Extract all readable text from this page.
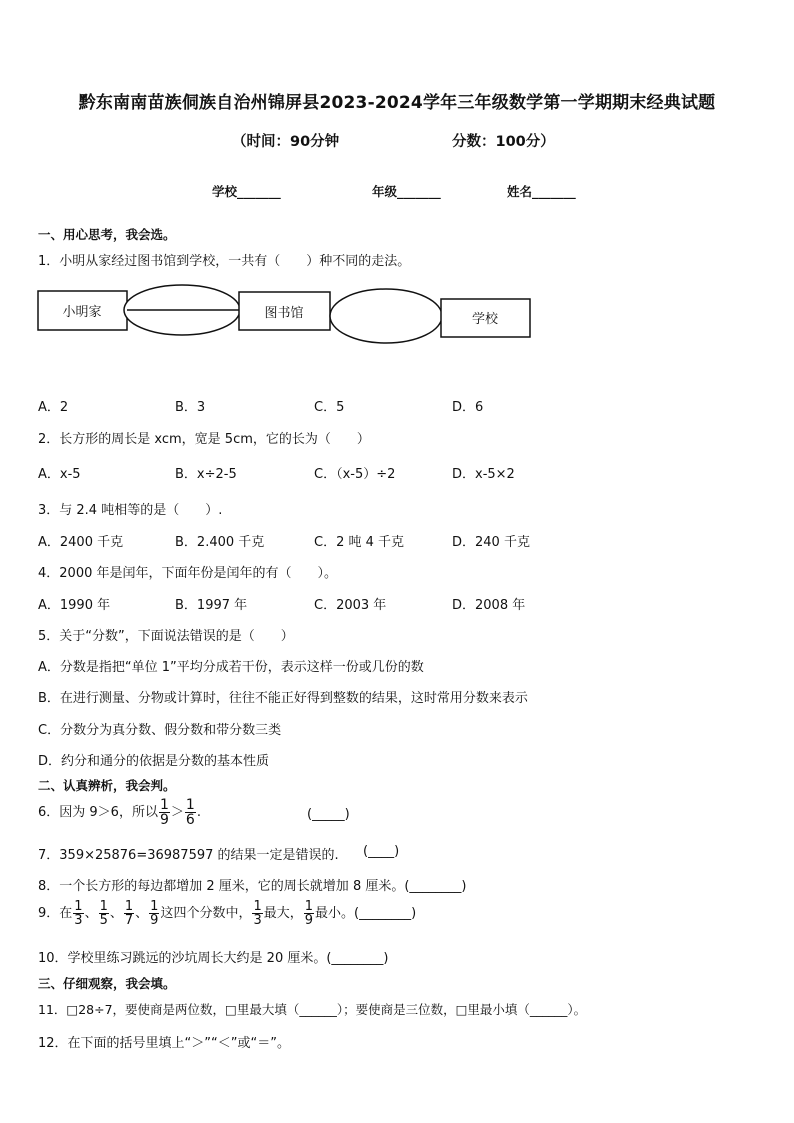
黔东南南苗族侗族自治州锦屏县2023-2024学年三年级数学第一学期期末经典试题
（时间：90分钟	分数：100分）
学校_______	年级_______	姓名_______
一、用心思考，我会选。
1．小明从家经过图书馆到学校，一共有（　　）种不同的走法。
小明家	图书馆	学校
A．2	B．3	C．5	D．6
2．长方形的周长是 xcm，宽是 5cm，它的长为（　　）
A．x-5	B．x÷2-5	C．（x-5）÷2	D．x-5×2
3．与 2.4 吨相等的是（　　）.
A．2400 千克	B．2.400 千克	C．2 吨 4 千克	D．240 千克
4．2000 年是闰年，下面年份是闰年的有（　　）。
A．1990 年	B．1997 年	C．2003 年	D．2008 年
5．关于“分数”，下面说法错误的是（　　）
A．分数是指把“单位 1”平均分成若干份，表示这样一份或几份的数
B．在进行测量、分物或计算时，往往不能正好得到整数的结果，这时常用分数来表示
C．分数分为真分数、假分数和带分数三类
D．约分和通分的依据是分数的基本性质
二、认真辨析，我会判。
6．因为 9＞6，所以 $\frac{1}{9} > \frac{1}{6}$ .	(_____)
7．359×25876=36987597 的结果一定是错误的. (____)
8．一个长方形的每边都增加 2 厘米，它的周长就增加 8 厘米。(________)
9．在 $\frac{1}{3}$ 、 $\frac{1}{5}$ 、 $\frac{1}{7}$ 、 $\frac{1}{9}$ 这四个分数中， $\frac{1}{3}$ 最大， $\frac{1}{9}$ 最小。(________)
10．学校里练习跳远的沙坑周长大约是 20 厘米。(________)
三、仔细观察，我会填。
11．□28÷7，要使商是两位数，□里最大填（______）；要使商是三位数，□里最小填（______）。
12．在下面的括号里填上“＞”“＜”或“＝”。
